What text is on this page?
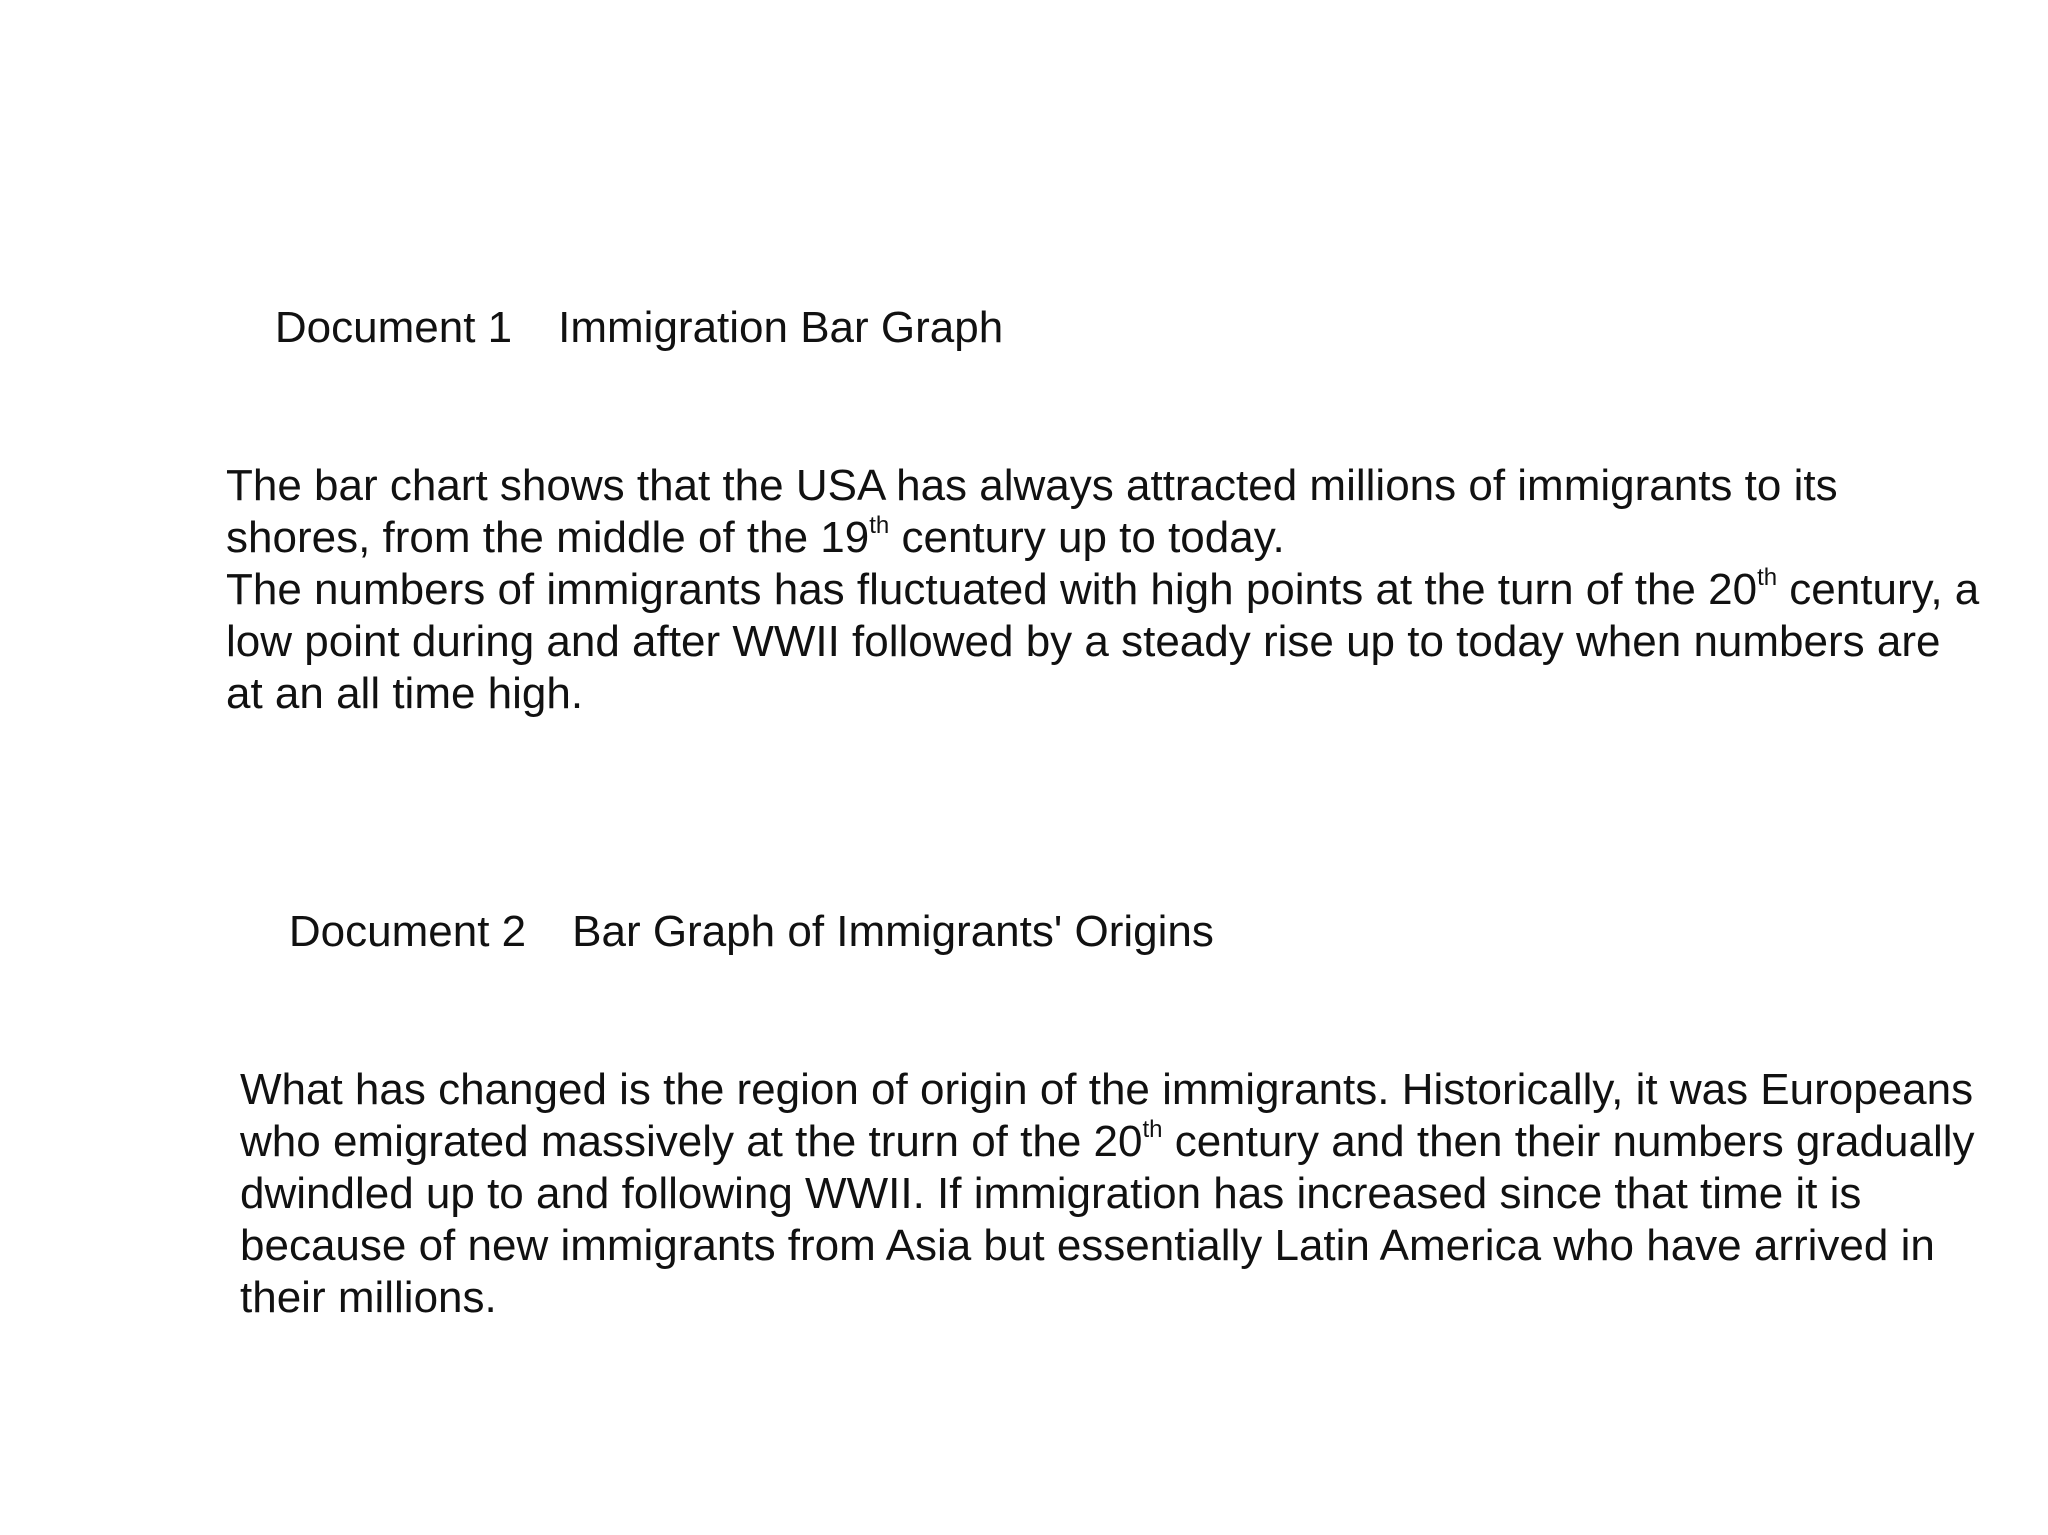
Document 1 Immigration Bar Graph

The bar chart shows that the USA has always attracted millions of immigrants to its shores, from the middle of the 19th century up to today.

The numbers of immigrants has fluctuated with high points at the turn of the 20th century, a low point during and after WWII followed by a steady rise up to today when numbers are at an all time high.

Document 2 Bar Graph of Immigrants' Origins

What has changed is the region of origin of the immigrants. Historically, it was Europeans who emigrated massively at the trurn of the 20th century and then their numbers gradually dwindled up to and following WWII. If immigration has increased since that time it is because of new immigrants from Asia but essentially Latin America who have arrived in their millions.
